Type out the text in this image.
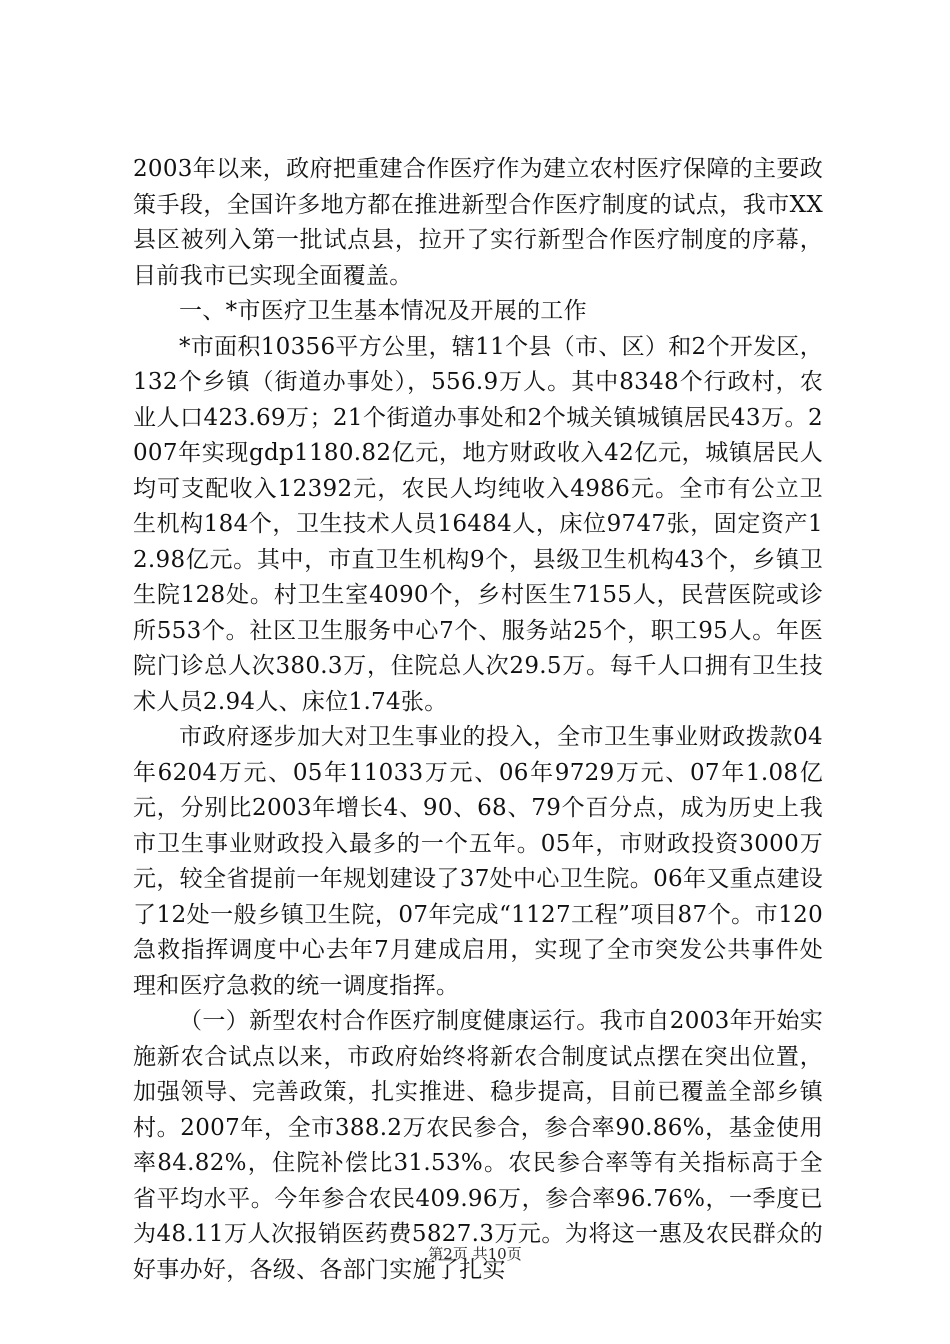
2003年以来，政府把重建合作医疗作为建立农村医疗保障的主要政策手段，全国许多地方都在推进新型合作医疗制度的试点，我市XX县区被列入第一批试点县，拉开了实行新型合作医疗制度的序幕，目前我市已实现全面覆盖。

一、*市医疗卫生基本情况及开展的工作

*市面积10356平方公里，辖11个县（市、区）和2个开发区，132个乡镇（街道办事处），556.9万人。其中8348个行政村，农业人口423.69万；21个街道办事处和2个城关镇城镇居民43万。2007年实现gdp1180.82亿元，地方财政收入42亿元，城镇居民人均可支配收入12392元，农民人均纯收入4986元。全市有公立卫生机构184个，卫生技术人员16484人，床位9747张，固定资产12.98亿元。其中，市直卫生机构9个，县级卫生机构43个，乡镇卫生院128处。村卫生室4090个，乡村医生7155人，民营医院或诊所553个。社区卫生服务中心7个、服务站25个，职工95人。年医院门诊总人次380.3万，住院总人次29.5万。每千人口拥有卫生技术人员2.94人、床位1.74张。

市政府逐步加大对卫生事业的投入，全市卫生事业财政拨款04年6204万元、05年11033万元、06年9729万元、07年1.08亿元，分别比2003年增长4、90、68、79个百分点，成为历史上我市卫生事业财政投入最多的一个五年。05年，市财政投资3000万元，较全省提前一年规划建设了37处中心卫生院。06年又重点建设了12处一般乡镇卫生院，07年完成“1127工程”项目87个。市120急救指挥调度中心去年7月建成启用，实现了全市突发公共事件处理和医疗急救的统一调度指挥。

（一）新型农村合作医疗制度健康运行。我市自2003年开始实施新农合试点以来，市政府始终将新农合制度试点摆在突出位置，加强领导、完善政策，扎实推进、稳步提高，目前已覆盖全部乡镇村。2007年，全市388.2万农民参合，参合率90.86%，基金使用率84.82%，住院补偿比31.53%。农民参合率等有关指标高于全省平均水平。今年参合农民409.96万，参合率96.76%，一季度已为48.11万人次报销医药费5827.3万元。为将这一惠及农民群众的好事办好，各级、各部门实施了扎实

第2页 共10页
